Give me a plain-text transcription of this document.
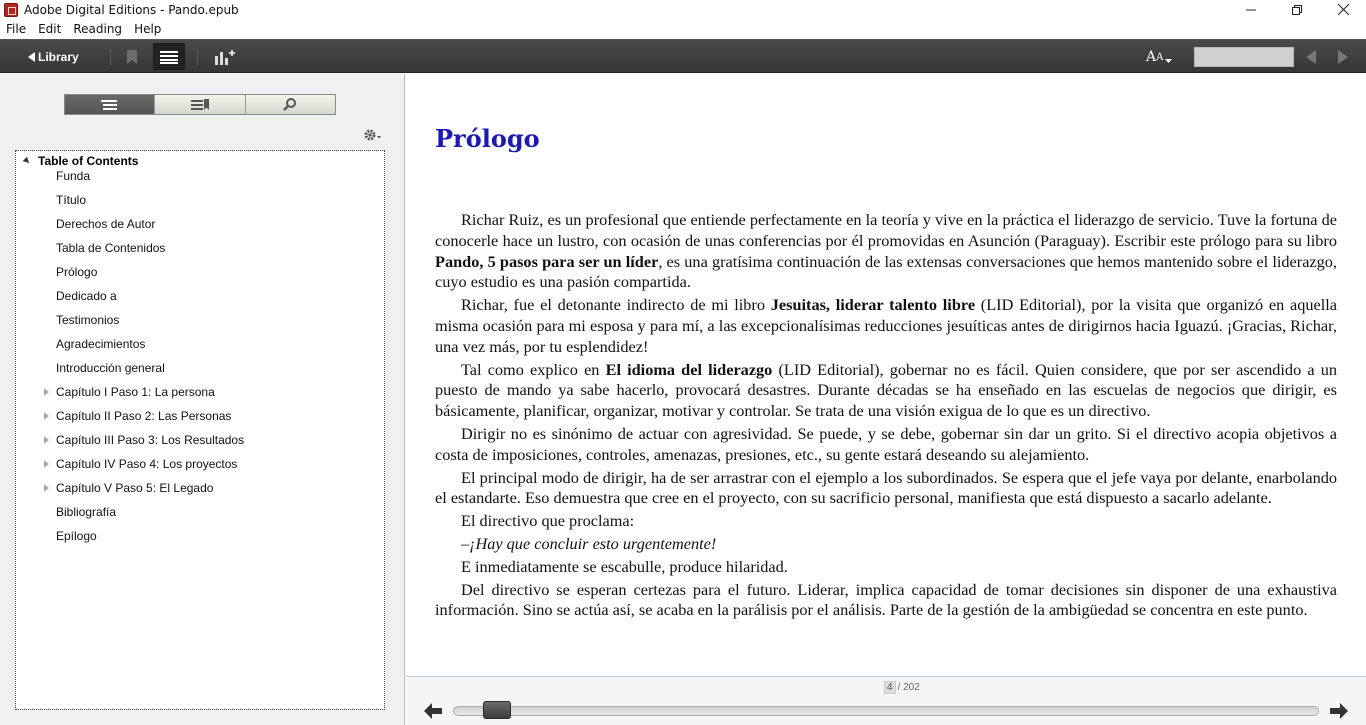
Adobe Digital Editions - Pando.epub
File	Edit	Reading	Help
Library	A A
Table of Contents
Funda
Título
Derechos de Autor
Tabla de Contenidos
Prólogo
Dedicado a
Testimonios
Agradecimientos
Introducción general
Capítulo I Paso 1: La persona
Capítulo II Paso 2: Las Personas
Capítulo III Paso 3: Los Resultados
Capítulo IV Paso 4: Los proyectos
Capítulo V Paso 5: El Legado
Bibliografía
Epílogo
Prólogo

Richar Ruiz, es un profesional que entiende perfectamente en la teoría y vive en la práctica el liderazgo de servicio. Tuve la fortuna de conocerle hace un lustro, con ocasión de unas conferencias por él promovidas en Asunción (Paraguay). Escribir este prólogo para su libro Pando, 5 pasos para ser un líder, es una gratísima continuación de las extensas conversaciones que hemos mantenido sobre el liderazgo, cuyo estudio es una pasión compartida.

Richar, fue el detonante indirecto de mi libro Jesuitas, liderar talento libre (LID Editorial), por la visita que organizó en aquella misma ocasión para mi esposa y para mí, a las excepcionalísimas reducciones jesuíticas antes de dirigirnos hacia Iguazú. ¡Gracias, Richar, una vez más, por tu esplendidez!

Tal como explico en El idioma del liderazgo (LID Editorial), gobernar no es fácil. Quien considere, que por ser ascendido a un puesto de mando ya sabe hacerlo, provocará desastres. Durante décadas se ha enseñado en las escuelas de negocios que dirigir, es básicamente, planificar, organizar, motivar y controlar. Se trata de una visión exigua de lo que es un directivo.

Dirigir no es sinónimo de actuar con agresividad. Se puede, y se debe, gobernar sin dar un grito. Si el directivo acopia objetivos a costa de imposiciones, controles, amenazas, presiones, etc., su gente estará deseando su alejamiento.

El principal modo de dirigir, ha de ser arrastrar con el ejemplo a los subordinados. Se espera que el jefe vaya por delante, enarbolando el estandarte. Eso demuestra que cree en el proyecto, con su sacrificio personal, manifiesta que está dispuesto a sacarlo adelante.

El directivo que proclama:

–¡Hay que concluir esto urgentemente!

E inmediatamente se escabulle, produce hilaridad.

Del directivo se esperan certezas para el futuro. Liderar, implica capacidad de tomar decisiones sin disponer de una exhaustiva información. Sino se actúa así, se acaba en la parálisis por el análisis. Parte de la gestión de la ambigüedad se concentra en este punto.

4 / 202
